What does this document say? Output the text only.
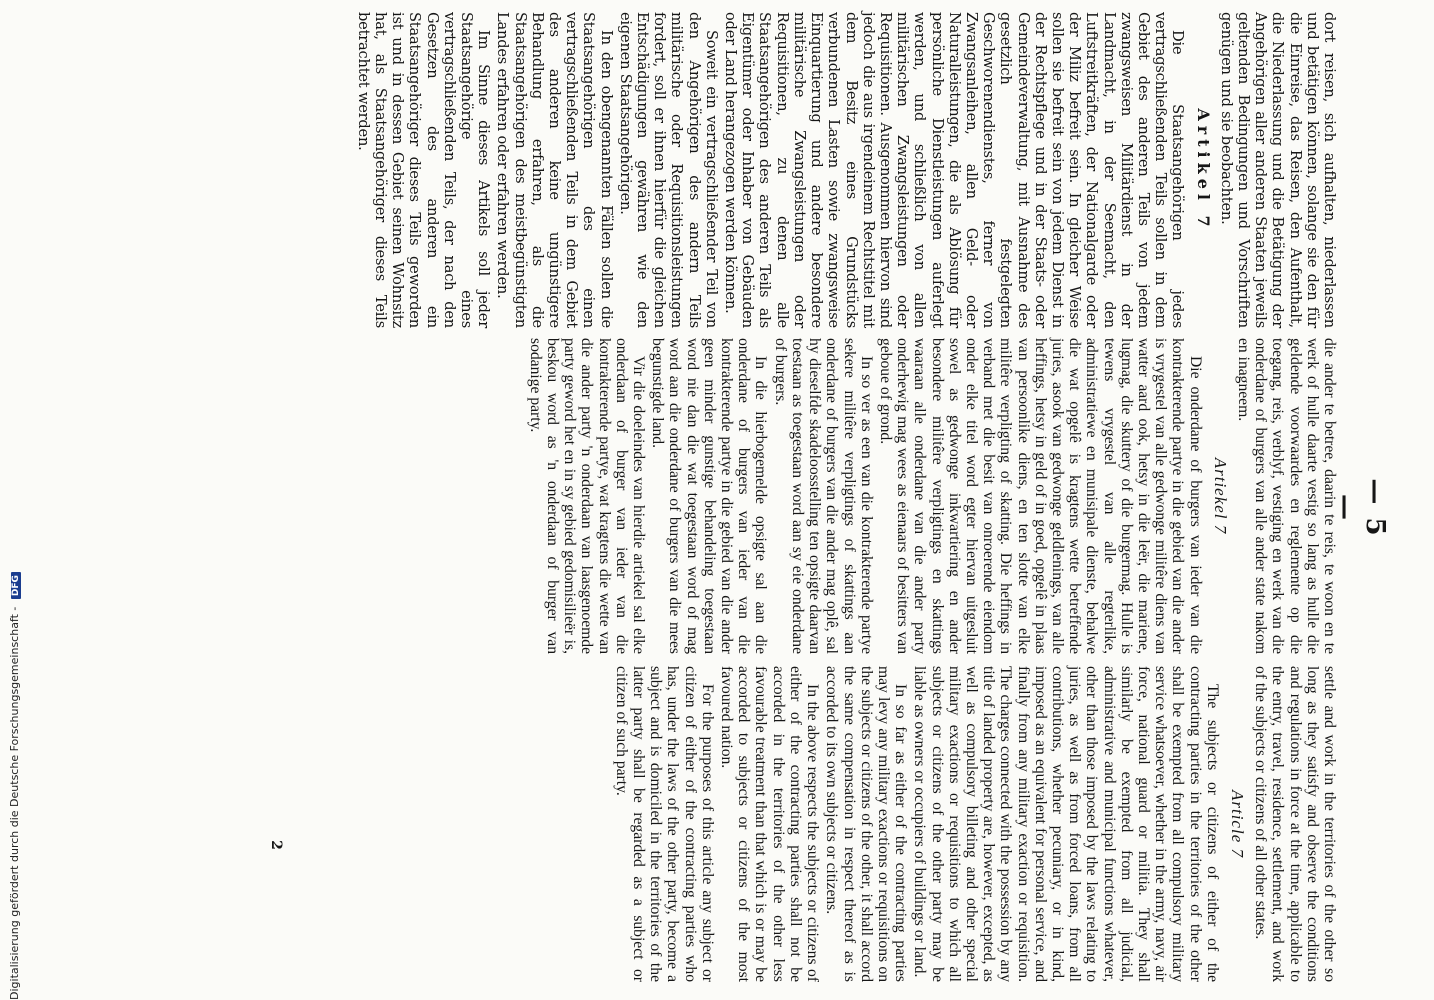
— 5 —

settle and work in the territories of the other so long as they satisfy and observe the conditions and regulations in force at the time, applicable to the entry, travel, residence, settlement, and work of the subjects or citizens of all other states.

Article 7

The subjects or citizens of either of the contracting parties in the territories of the other shall be exempted from all compulsory military service whatsoever, whether in the army, navy, air force, national guard or militia. They shall similarly be exempted from all judicial, administrative and municipal functions whatever, other than those imposed by the laws relating to juries, as well as from forced loans, from all contributions, whether pecuniary, or in kind, imposed as an equivalent for personal service, and finally from any military exaction or requisition. The charges connected with the possession by any title of landed property are, however, excepted, as well as compulsory billeting and other special military exactions or requisitions to which all subjects or citizens of the other party may be liable as owners or occupiers of buildings or land.

In so far as either of the contracting parties may levy any military exactions or requisitions on the subjects or citizens of the other, it shall accord the same compensation in respect thereof as is accorded to its own subjects or citizens.

In the above respects the subjects or citizens of either of the contracting parties shall not be accorded in the territories of the other less favourable treatment than that which is or may be accorded to subjects or citizens of the most favoured nation.

For the purposes of this article any subject or citizen of either of the contracting parties who has, under the laws of the other party, become a subject and is domiciled in the territories of the latter party shall be regarded as a subject or citizen of such party.

die ander te betree, daarin te reis, te woon en te werk of hulle daarte vestig so lang as hulle die geldende voorwaardes en reglemente op die toegang, reis, verblyf, vestiging en werk van die onderdane of burgers van alle ander state nakom en inagneem.

Artiekel 7

Die onderdane of burgers van ieder van die kontrakterende partye in die gebied van die ander is vrygestel van alle gedwonge militêre diens van watter aard ook, hetsy in die leër, die mariene, lugmag, die skuttery of die burgermag. Hulle is tewens vrygestel van alle regterlike, administratiewe en munisipale dienste, behalwe die wat opgelê is kragtens wette betreffende juries, asook van gedwonge geldlenings, van alle heffings, hetsy in geld of in goed, opgelê in plaas van persoonlike diens, en ten slotte van elke militêre verpligting of skatting. Die heffings in verband met die besit van onroerende eiendom onder elke titel word egter hiervan uitgesluit sowel as gedwonge inkwartiering en ander besondere militêre verpligtings en skattings waaraan alle onderdane van die ander party onderhewig mag wees as eienaars of besitters van geboue of grond.

In so ver as een van die kontrakterende partye sekere militêre verpligtings of skattings aan onderdane of burgers van die ander mag oplê, sal hy dieselfde skadeloosstelling ten opsigte daarvan toestaan as toegestaan word aan sy eie onderdane of burgers.

In die hierbogemelde opsigte sal aan die onderdane of burgers van ieder van die kontrakterende partye in die gebied van die ander geen minder gunstige behandeling toegestaan word nie dan die wat toegestaan word of mag word aan die onderdane of burgers van die mees begunstigde land.

Vir die doeleindes van hierdie artiekel sal elke onderdaan of burger van ieder van die kontrakterende partye, wat kragtens die wette van die ander party 'n onderdaan van laasgenoemde party geword het en in sy gebied gedomisilieër is, beskou word as 'n onderdaan of burger van sodanige party.

dort reisen, sich aufhalten, niederlassen und betätigen können, solange sie den für die Einreise, das Reisen, den Aufenthalt, die Niederlassung und die Betätigung der Angehörigen aller anderen Staaten jeweils geltenden Bedingungen und Vorschriften genügen und sie beobachten.

Artikel 7

Die Staatsangehörigen jedes vertragschließenden Teils sollen in dem Gebiet des anderen Teils von jedem zwangsweisen Militärdienst in der Landmacht, in der Seemacht, den Luftstreitkräften, der Nationalgarde oder der Miliz befreit sein. In gleicher Weise sollen sie befreit sein von jedem Dienst in der Rechtspflege und in der Staats- oder Gemeindeverwaltung, mit Ausnahme des gesetzlich festgelegten Geschworenendienstes, ferner von Zwangsanleihen, allen Geld- oder Naturalleistungen, die als Ablösung für persönliche Dienstleistungen auferlegt werden, und schließlich von allen militärischen Zwangsleistungen oder Requisitionen. Ausgenommen hiervon sind jedoch die aus irgendeinem Rechtstitel mit dem Besitz eines Grundstücks verbundenen Lasten sowie zwangsweise Einquartierung und andere besondere militärische Zwangsleistungen oder Requisitionen, zu denen alle Staatsangehörigen des anderen Teils als Eigentümer oder Inhaber von Gebäuden oder Land herangezogen werden können.

Soweit ein vertragschließender Teil von den Angehörigen des andern Teils militärische oder Requisitionsleistungen fordert, soll er ihnen hierfür die gleichen Entschädigungen gewähren wie den eigenen Staatsangehörigen.

In den obengenannten Fällen sollen die Staatsangehörigen des einen vertragschließenden Teils in dem Gebiet des anderen keine ungünstigere Behandlung erfahren, als die Staatsangehörigen des meistbegünstigten Landes erfahren oder erfahren werden.

Im Sinne dieses Artikels soll jeder Staatsangehörige eines vertragschließenden Teils, der nach den Gesetzen des anderen ein Staatsangehöriger dieses Teils geworden ist und in dessen Gebiet seinen Wohnsitz hat, als Staatsangehöriger dieses Teils betrachtet werden.

2
Digitalisierung gefördert durch die Deutsche Forschungsgemeinschaft - DFG
